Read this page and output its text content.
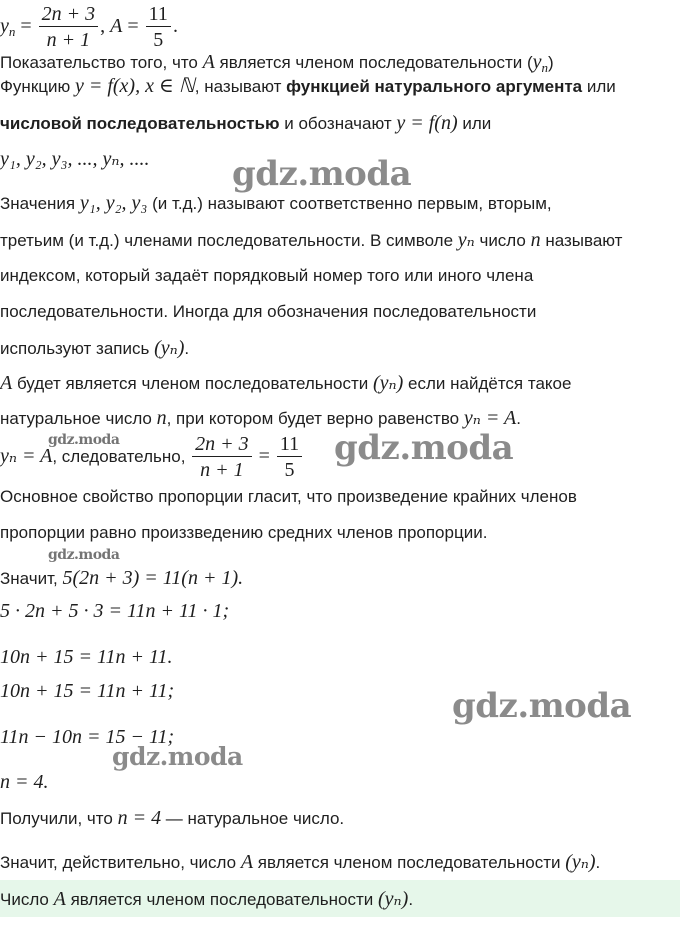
$y_n = \frac{2n + 3}{n + 1}$ , $A = \frac{11}{5}$ .
Показательство того, что A является членом последовательности $(y_n)$
Функцию y = f(x), x ∈ ℕ, называют функцией натурального аргумента или
числовой последовательностью и обозначают y = f(n) или
y₁, y₂, y₃, ..., yₙ, .... gdz.moda
Значения y₁, y₂, y₃ (и т.д.) называют соответственно первым, вторым,
третьим (и т.д.) членами последовательности. В символе yₙ число n называют
индексом, который задаёт порядковый номер того или иного члена
последовательности. Иногда для обозначения последовательности
используют запись (yₙ).
A будет является членом последовательности (yₙ) если найдётся такое
натуральное число n, при котором будет верно равенство yₙ = A.
gdz.moda
yₙ = A, следовательно, $\frac{2n + 3}{n + 1} = \frac{11}{5}$ gdz.moda
Основное свойство пропорции гласит, что произведение крайних членов
пропорции равно произзведению средних членов пропорции.
gdz.moda
Значит, 5(2n + 3) = 11(n + 1).
5 · 2n + 5 · 3 = 11n + 11 · 1;
10n + 15 = 11n + 11.
10n + 15 = 11n + 11;	gdz.moda
11n − 10n = 15 − 11;
gdz.moda
n = 4.
Получили, что n = 4 — натуральное число.
Значит, действительно, число A является членом последовательности (yₙ).
Число A является членом последовательности (yₙ).
